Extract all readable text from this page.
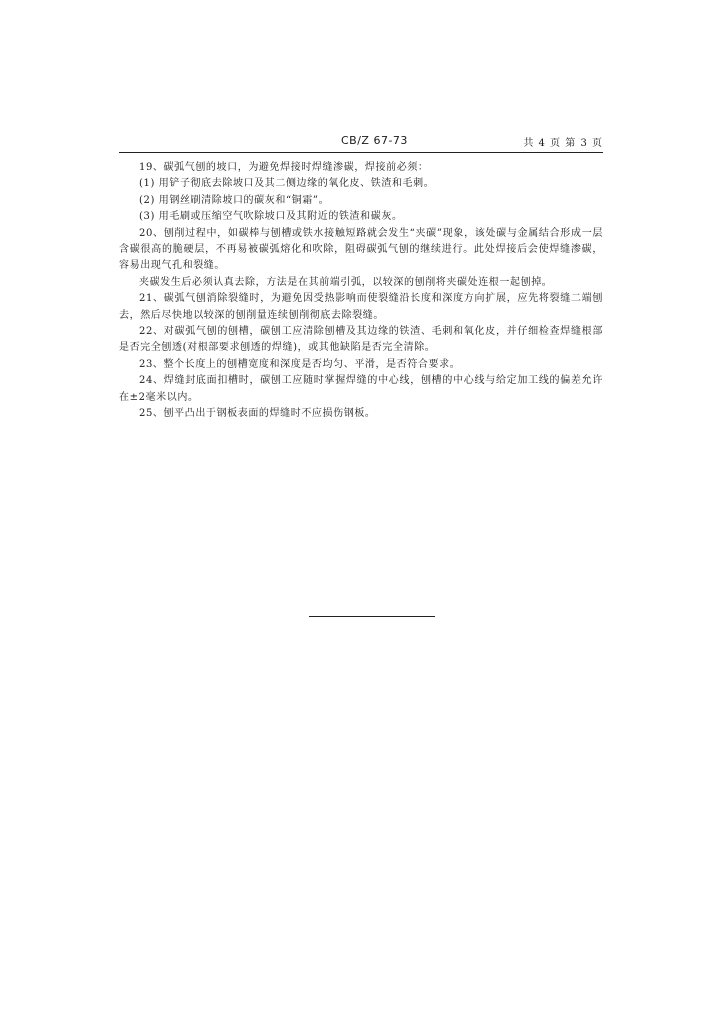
CB/Z 67-73	共 4 页 第 3 页

19、碳弧气刨的坡口，为避免焊接时焊缝渗碳，焊接前必须：

(1) 用铲子彻底去除坡口及其二侧边缘的氧化皮、铁渣和毛刺。

(2) 用钢丝刷清除坡口的碳灰和“铜霜”。

(3) 用毛刷或压缩空气吹除坡口及其附近的铁渣和碳灰。

20、刨削过程中，如碳棒与刨槽或铁水接触短路就会发生“夹碳”现象，该处碳与金属结合形成一层含碳很高的脆硬层，不再易被碳弧熔化和吹除，阻碍碳弧气刨的继续进行。此处焊接后会使焊缝渗碳，容易出现气孔和裂缝。

夹碳发生后必须认真去除，方法是在其前端引弧，以较深的刨削将夹碳处连根一起刨掉。

21、碳弧气刨消除裂缝时，为避免因受热影响而使裂缝沿长度和深度方向扩展，应先将裂缝二端刨去，然后尽快地以较深的刨削量连续刨削彻底去除裂缝。

22、对碳弧气刨的刨槽，碳刨工应清除刨槽及其边缘的铁渣、毛刺和氧化皮，并仔细检查焊缝根部是否完全刨透(对根部要求刨透的焊缝)，或其他缺陷是否完全清除。

23、整个长度上的刨槽宽度和深度是否均匀、平滑，是否符合要求。

24、焊缝封底面扣槽时，碳刨工应随时掌握焊缝的中心线，刨槽的中心线与给定加工线的偏差允许在±2毫米以内。

25、刨平凸出于钢板表面的焊缝时不应损伤钢板。
